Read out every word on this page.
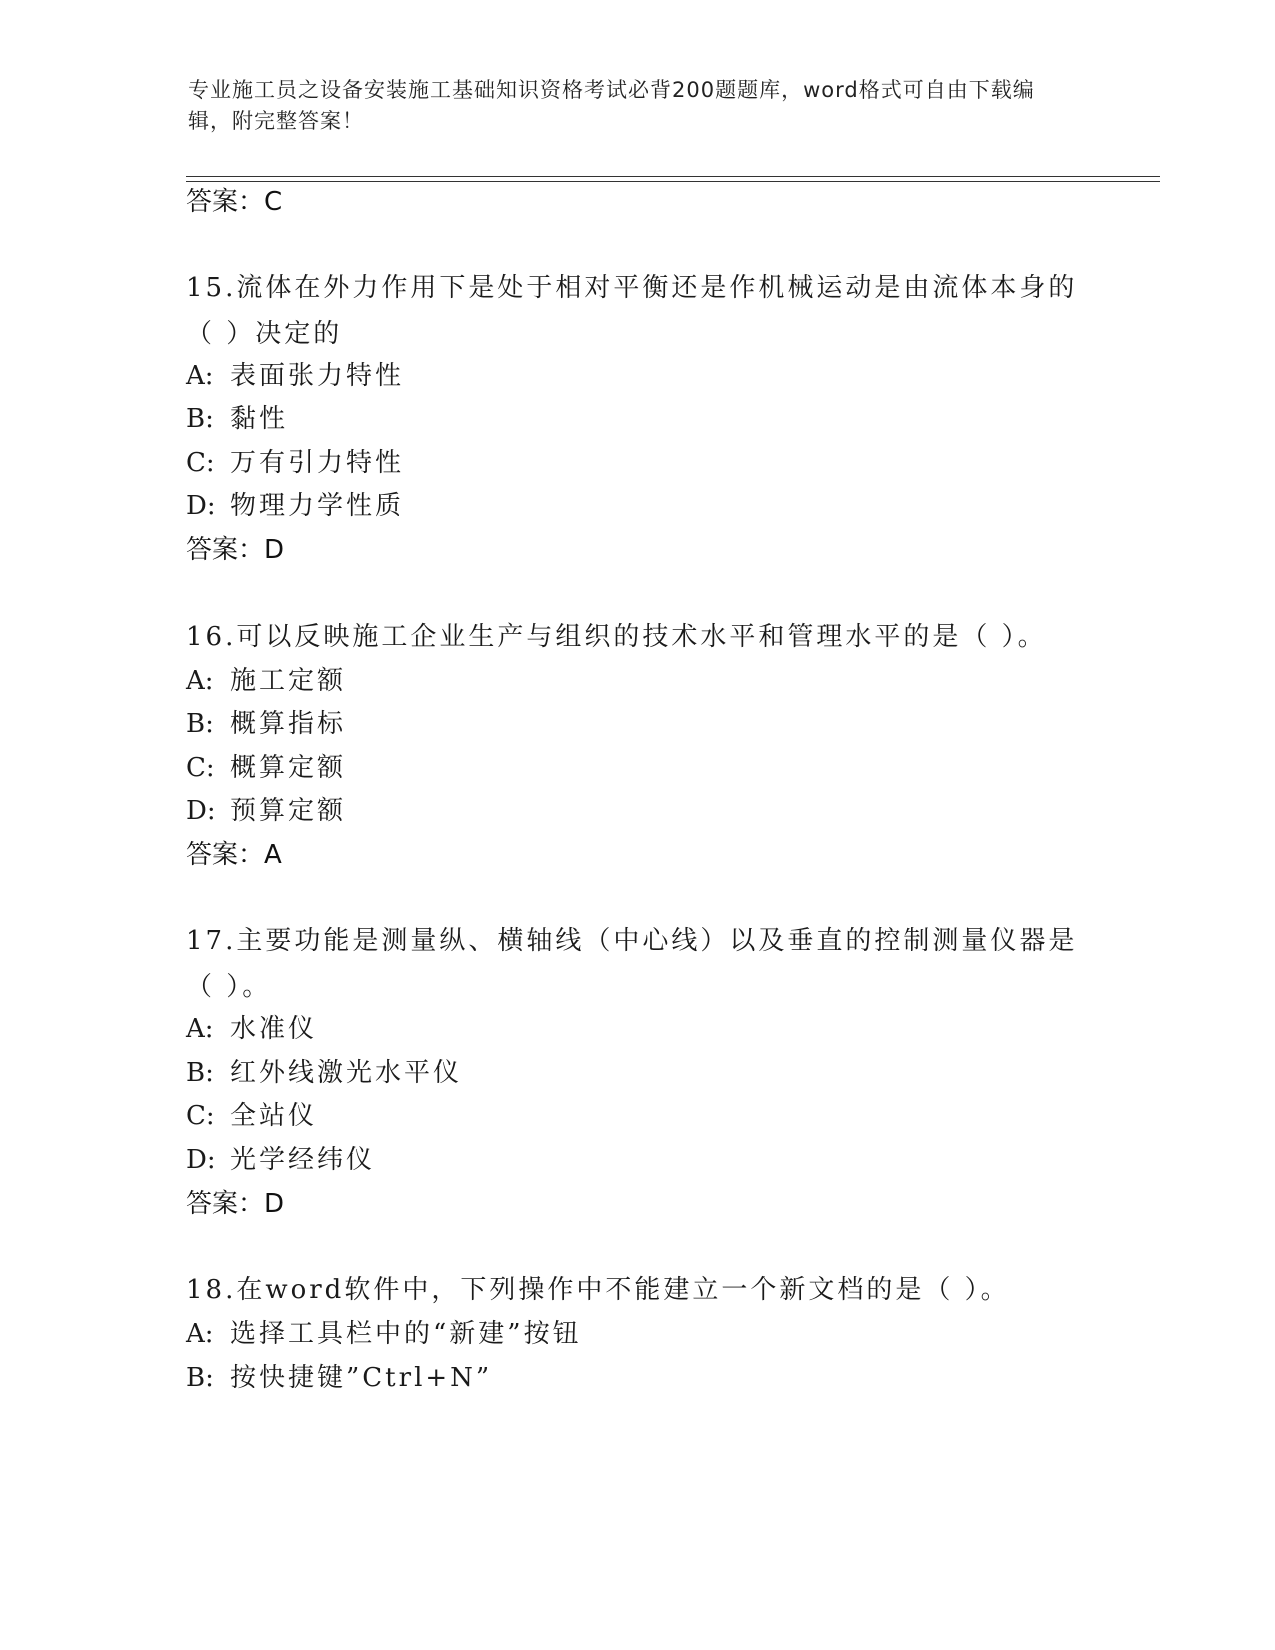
专业施工员之设备安装施工基础知识资格考试必背200题题库，word格式可自由下载编辑，附完整答案！
答案：C
15.流体在外力作用下是处于相对平衡还是作机械运动是由流体本身的（ ）决定的
A: 表面张力特性
B: 黏性
C: 万有引力特性
D: 物理力学性质
答案：D
16.可以反映施工企业生产与组织的技术水平和管理水平的是（ ）。
A: 施工定额
B: 概算指标
C: 概算定额
D: 预算定额
答案：A
17.主要功能是测量纵、横轴线（中心线）以及垂直的控制测量仪器是（ ）。
A: 水准仪
B: 红外线激光水平仪
C: 全站仪
D: 光学经纬仪
答案：D
18.在word软件中，下列操作中不能建立一个新文档的是（ ）。
A: 选择工具栏中的“新建”按钮
B: 按快捷键”Ctrl+N”
